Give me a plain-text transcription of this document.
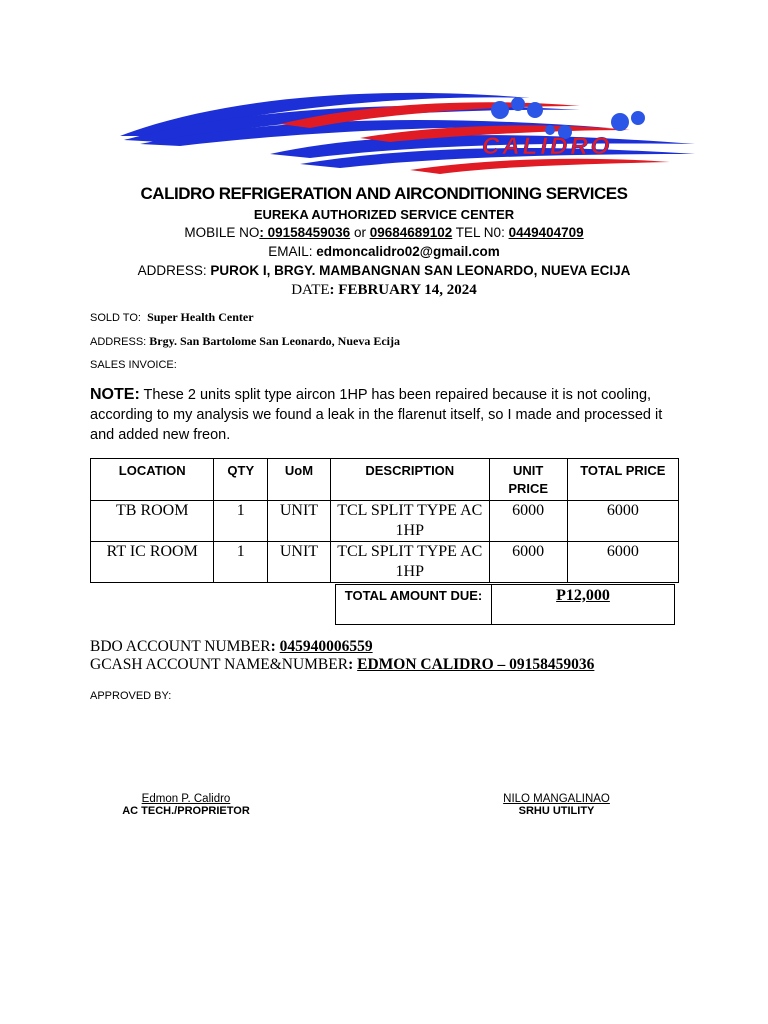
CALIDRO
CALIDRO REFRIGERATION AND AIRCONDITIONING SERVICES
EUREKA AUTHORIZED SERVICE CENTER
MOBILE NO: 09158459036 or 09684689102 TEL N0: 0449404709
EMAIL: edmoncalidro02@gmail.com
ADDRESS: PUROK I, BRGY. MAMBANGNAN SAN LEONARDO, NUEVA ECIJA
DATE: FEBRUARY 14, 2024
SOLD TO: Super Health Center
ADDRESS: Brgy. San Bartolome San Leonardo, Nueva Ecija
SALES INVOICE:
NOTE: These 2 units split type aircon 1HP has been repaired because it is not cooling, according to my analysis we found a leak in the flarenut itself, so I made and processed it and added new freon.
LOCATION	QTY	UoM	DESCRIPTION	UNIT PRICE	TOTAL PRICE
TB ROOM	1	UNIT	TCL SPLIT TYPE AC 1HP	6000	6000
RT IC ROOM	1	UNIT	TCL SPLIT TYPE AC 1HP	6000	6000
TOTAL AMOUNT DUE:	P12,000
BDO ACCOUNT NUMBER: 045940006559
GCASH ACCOUNT NAME&NUMBER: EDMON CALIDRO – 09158459036
APPROVED BY:
Edmon P. Calidro
AC TECH./PROPRIETOR
NILO MANGALINAO
SRHU UTILITY
